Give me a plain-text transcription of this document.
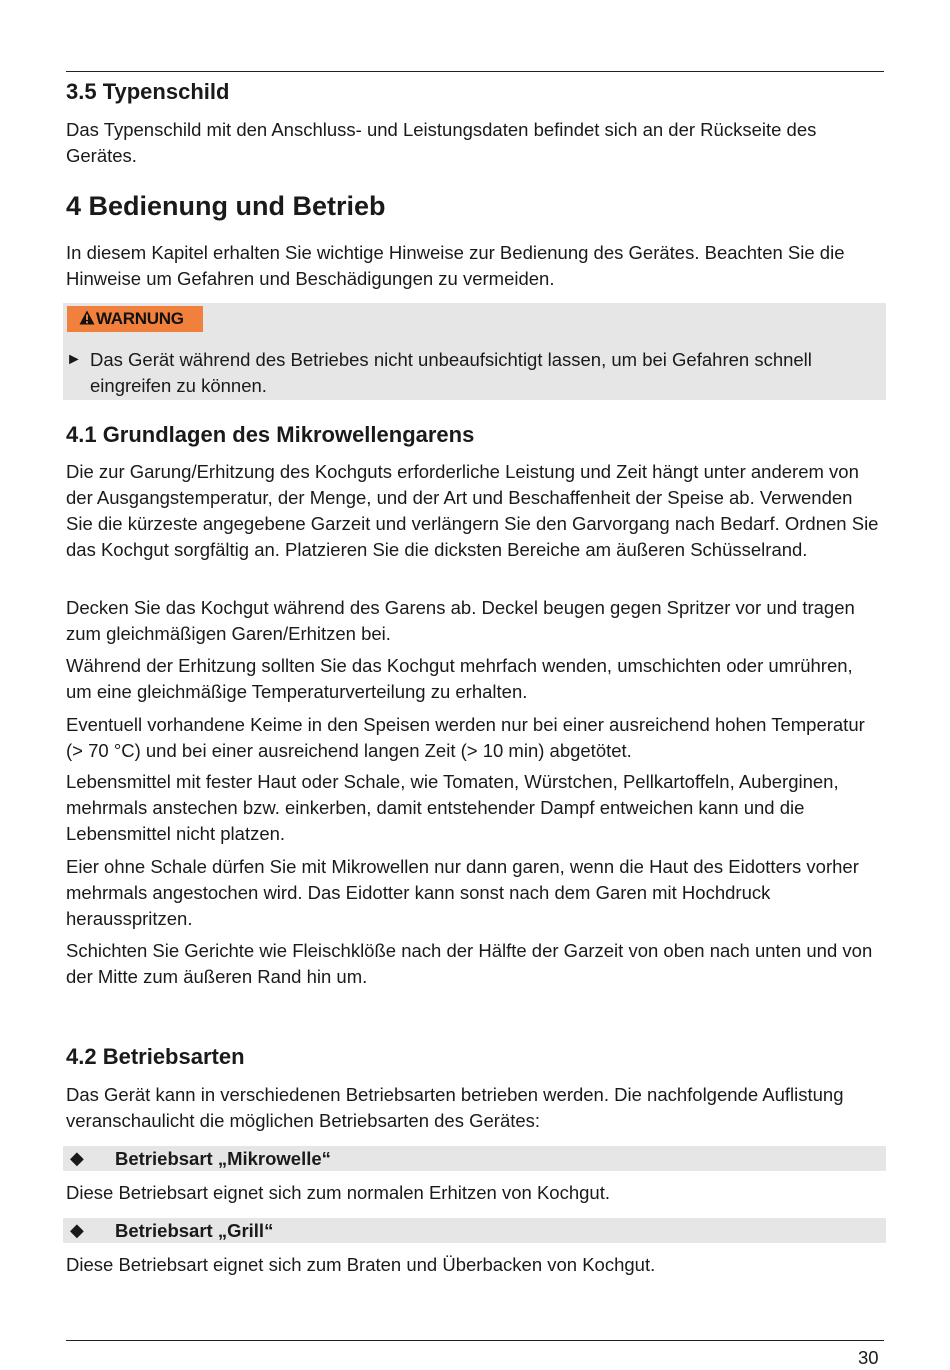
3.5 Typenschild

Das Typenschild mit den Anschluss- und Leistungsdaten befindet sich an der Rückseite des Gerätes.

4 Bedienung und Betrieb

In diesem Kapitel erhalten Sie wichtige Hinweise zur Bedienung des Gerätes. Beachten Sie die Hinweise um Gefahren und Beschädigungen zu vermeiden.

WARNUNG
► Das Gerät während des Betriebes nicht unbeaufsichtigt lassen, um bei Gefahren schnell eingreifen zu können.
4.1 Grundlagen des Mikrowellengarens

Die zur Garung/Erhitzung des Kochguts erforderliche Leistung und Zeit hängt unter anderem von der Ausgangstemperatur, der Menge, und der Art und Beschaffenheit der Speise ab. Verwenden Sie die kürzeste angegebene Garzeit und verlängern Sie den Garvorgang nach Bedarf. Ordnen Sie das Kochgut sorgfältig an. Platzieren Sie die dicksten Bereiche am äußeren Schüsselrand.

Decken Sie das Kochgut während des Garens ab. Deckel beugen gegen Spritzer vor und tragen zum gleichmäßigen Garen/Erhitzen bei.

Während der Erhitzung sollten Sie das Kochgut mehrfach wenden, umschichten oder umrühren, um eine gleichmäßige Temperaturverteilung zu erhalten.

Eventuell vorhandene Keime in den Speisen werden nur bei einer ausreichend hohen Temperatur (> 70 °C) und bei einer ausreichend langen Zeit (> 10 min) abgetötet.

Lebensmittel mit fester Haut oder Schale, wie Tomaten, Würstchen, Pellkartoffeln, Auberginen, mehrmals anstechen bzw. einkerben, damit entstehender Dampf entweichen kann und die Lebensmittel nicht platzen.

Eier ohne Schale dürfen Sie mit Mikrowellen nur dann garen, wenn die Haut des Eidotters vorher mehrmals angestochen wird. Das Eidotter kann sonst nach dem Garen mit Hochdruck herausspritzen.

Schichten Sie Gerichte wie Fleischklöße nach der Hälfte der Garzeit von oben nach unten und von der Mitte zum äußeren Rand hin um.

4.2 Betriebsarten

Das Gerät kann in verschiedenen Betriebsarten betrieben werden. Die nachfolgende Auflistung veranschaulicht die möglichen Betriebsarten des Gerätes:

◆ Betriebsart „Mikrowelle“

Diese Betriebsart eignet sich zum normalen Erhitzen von Kochgut.

◆ Betriebsart „Grill“

Diese Betriebsart eignet sich zum Braten und Überbacken von Kochgut.

30
